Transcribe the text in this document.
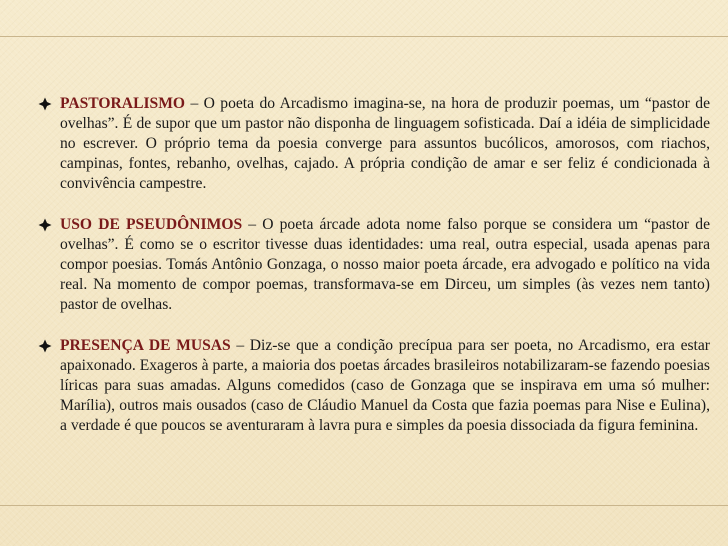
PASTORALISMO – O poeta do Arcadismo imagina-se, na hora de produzir poemas, um “pastor de ovelhas”. É de supor que um pastor não disponha de linguagem sofisticada. Daí a idéia de simplicidade no escrever. O próprio tema da poesia converge para assuntos bucólicos, amorosos, com riachos, campinas, fontes, rebanho, ovelhas, cajado. A própria condição de amar e ser feliz é condicionada à convivência campestre.

USO DE PSEUDÔNIMOS – O poeta árcade adota nome falso porque se considera um “pastor de ovelhas”. É como se o escritor tivesse duas identidades: uma real, outra especial, usada apenas para compor poesias. Tomás Antônio Gonzaga, o nosso maior poeta árcade, era advogado e político na vida real. Na momento de compor poemas, transformava-se em Dirceu, um simples (às vezes nem tanto) pastor de ovelhas.

PRESENÇA DE MUSAS – Diz-se que a condição precípua para ser poeta, no Arcadismo, era estar apaixonado. Exageros à parte, a maioria dos poetas árcades brasileiros notabilizaram-se fazendo poesias líricas para suas amadas. Alguns comedidos (caso de Gonzaga que se inspirava em uma só mulher: Marília), outros mais ousados (caso de Cláudio Manuel da Costa que fazia poemas para Nise e Eulina), a verdade é que poucos se aventuraram à lavra pura e simples da poesia dissociada da figura feminina.
